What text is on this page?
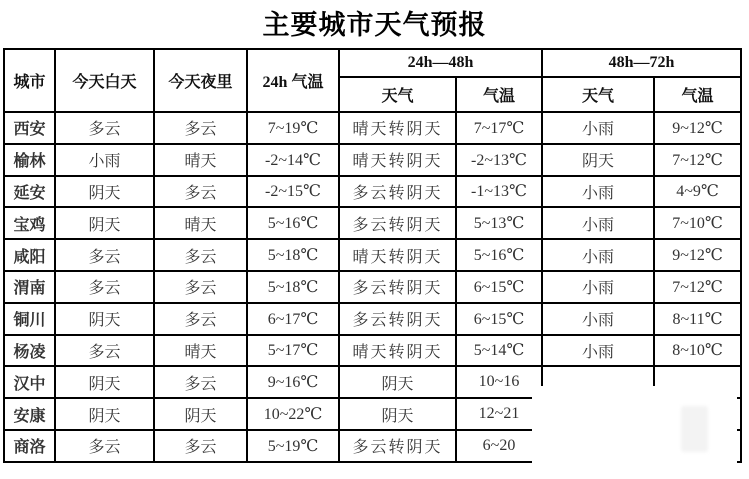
主要城市天气预报
城市	今天白天	今天夜里	24h 气温	24h—48h		48h—72h	
				天气	气温	天气	气温
西安	多云	多云	7~19℃	晴天转阴天	7~17℃	小雨	9~12℃
榆林	小雨	晴天	-2~14℃	晴天转阴天	-2~13℃	阴天	7~12℃
延安	阴天	多云	-2~15℃	多云转阴天	-1~13℃	小雨	4~9℃
宝鸡	阴天	晴天	5~16℃	多云转阴天	5~13℃	小雨	7~10℃
咸阳	多云	多云	5~18℃	晴天转阴天	5~16℃	小雨	9~12℃
渭南	多云	多云	5~18℃	多云转阴天	6~15℃	小雨	7~12℃
铜川	阴天	多云	6~17℃	多云转阴天	6~15℃	小雨	8~11℃
杨凌	多云	晴天	5~17℃	晴天转阴天	5~14℃	小雨	8~10℃
汉中	阴天	多云	9~16℃	阴天	10~16		
安康	阴天	阴天	10~22℃	阴天	12~21		
商洛	多云	多云	5~19℃	多云转阴天	6~20		
